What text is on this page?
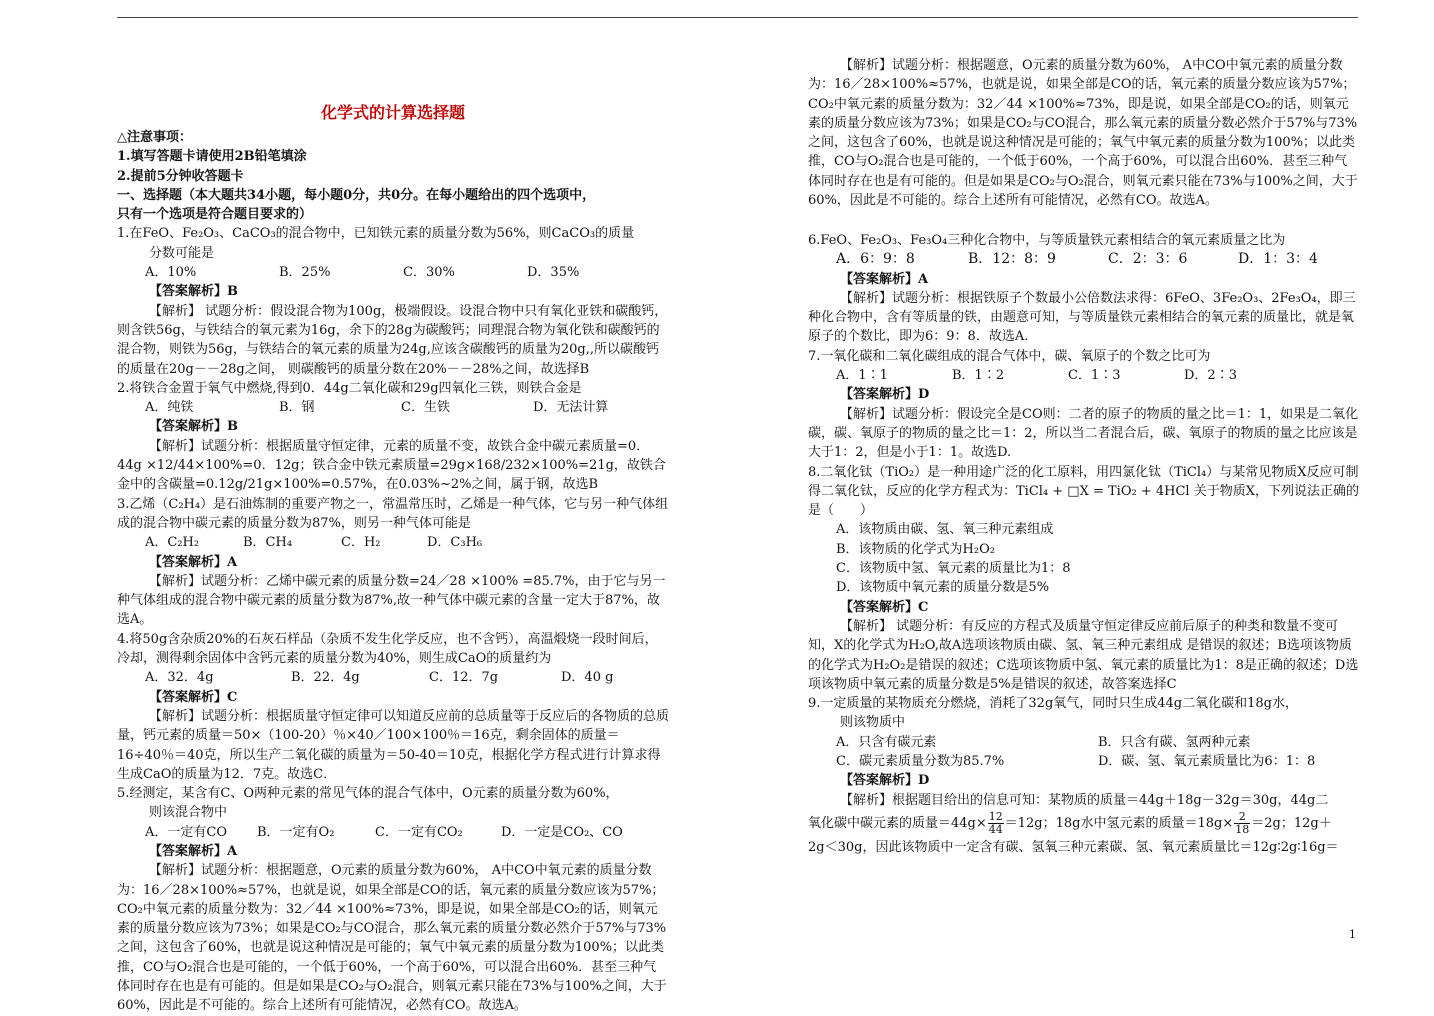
化学式的计算选择题

△注意事项：

1.填写答题卡请使用2B铅笔填涂

2.提前5分钟收答题卡

一、选择题（本大题共34小题，每小题0分，共0分。在每小题给出的四个选项中，

只有一个选项是符合题目要求的）

1.在FeO、Fe₂O₃、CaCO₃的混合物中，已知铁元素的质量分数为56%，则CaCO₃的质量

分数可能是

A．10%	B．25%	C．30%	D．35%

【答案解析】B

【解析】 试题分析：假设混合物为100g，极端假设。设混合物中只有氧化亚铁和碳酸钙，则含铁56g，与铁结合的氧元素为16g，余下的28g为碳酸钙；同理混合物为氧化铁和碳酸钙的混合物，则铁为56g，与铁结合的氧元素的质量为24g,应该含碳酸钙的质量为20g,,所以碳酸钙的质量在20g－－28g之间， 则碳酸钙的质量分数在20%－－28%之间，故选择B

2.将铁合金置于氧气中燃烧,得到0．44g二氧化碳和29g四氧化三铁，则铁合金是

A．纯铁	B．钢	C．生铁	D．无法计算

【答案解析】B

【解析】试题分析：根据质量守恒定律，元素的质量不变，故铁合金中碳元素质量=0．44g ×12/44×100%=0．12g；铁合金中铁元素质量=29g×168/232×100%=21g，故铁合金中的含碳量=0.12g/21g×100%=0.57%，在0.03%~2%之间，属于钢，故选B

3.乙烯（C₂H₄）是石油炼制的重要产物之一，常温常压时，乙烯是一种气体，它与另一种气体组成的混合物中碳元素的质量分数为87%，则另一种气体可能是

A．C₂H₂	B．CH₄	C．H₂	D．C₃H₆

【答案解析】A

【解析】试题分析：乙烯中碳元素的质量分数=24／28 ×100% =85.7%，由于它与另一种气体组成的混合物中碳元素的质量分数为87%,故一种气体中碳元素的含量一定大于87%，故选A。

4.将50g含杂质20%的石灰石样品（杂质不发生化学反应，也不含钙），高温煅烧一段时间后，冷却，测得剩余固体中含钙元素的质量分数为40%，则生成CaO的质量约为

A．32．4g	B．22．4g	C．12．7g	D．40 g

【答案解析】C

【解析】试题分析：根据质量守恒定律可以知道反应前的总质量等于反应后的各物质的总质量，钙元素的质量＝50×（100-20）％×40／100×100％＝16克，剩余固体的质量＝16÷40％＝40克，所以生产二氧化碳的质量为＝50-40＝10克，根据化学方程式进行计算求得生成CaO的质量为12．7克。故选C．

5.经测定，某含有C、O两种元素的常见气体的混合气体中，O元素的质量分数为60%，

则该混合物中

A．一定有CO B．一定有O₂	C．一定有CO₂	D．一定是CO₂、CO

【答案解析】A

【解析】试题分析：根据题意，O元素的质量分数为60%， A中CO中氧元素的质量分数为：16／28×100%≈57%，也就是说，如果全部是CO的话，氧元素的质量分数应该为57%；CO₂中氧元素的质量分数为：32／44 ×100%≈73%，即是说，如果全部是CO₂的话，则氧元素的质量分数应该为73%；如果是CO₂与CO混合，那么氧元素的质量分数必然介于57%与73%之间，这包含了60%，也就是说这种情况是可能的；氧气中氧元素的质量分数为100%；以此类推，CO与O₂混合也是可能的，一个低于60%，一个高于60%，可以混合出60%．甚至三种气体同时存在也是有可能的。但是如果是CO₂与O₂混合，则氧元素只能在73%与100%之间，大于60%，因此是不可能的。综合上述所有可能情况，必然有CO。故选A。

【解析】试题分析：根据题意，O元素的质量分数为60%， A中CO中氧元素的质量分数为：16／28×100%≈57%，也就是说，如果全部是CO的话，氧元素的质量分数应该为57%；CO₂中氧元素的质量分数为：32／44 ×100%≈73%，即是说，如果全部是CO₂的话，则氧元素的质量分数应该为73%；如果是CO₂与CO混合，那么氧元素的质量分数必然介于57%与73%之间，这包含了60%，也就是说这种情况是可能的；氧气中氧元素的质量分数为100%；以此类推，CO与O₂混合也是可能的，一个低于60%，一个高于60%，可以混合出60%．甚至三种气体同时存在也是有可能的。但是如果是CO₂与O₂混合，则氧元素只能在73%与100%之间，大于60%，因此是不可能的。综合上述所有可能情况，必然有CO。故选A。

6.FeO、Fe₂O₃、Fe₃O₄三种化合物中，与等质量铁元素相结合的氧元素质量之比为

A．6：9：8	B．12：8：9	C．2：3：6	D．1：3：4

【答案解析】A

【解析】试题分析：根据铁原子个数最小公倍数法求得：6FeO、3Fe₂O₃、2Fe₃O₄，即三种化合物中，含有等质量的铁，由题意可知，与等质量铁元素相结合的氧元素的质量比，就是氧原子的个数比，即为6：9：8．故选A.

7.一氧化碳和二氧化碳组成的混合气体中，碳、氧原子的个数之比可为

A．1∶1	B．1∶2	C．1∶3	D．2∶3

【答案解析】D

【解析】试题分析：假设完全是CO则：二者的原子的物质的量之比＝1：1，如果是二氧化碳，碳、氧原子的物质的量之比＝1：2，所以当二者混合后，碳、氧原子的物质的量之比应该是大于1：2，但是小于1：1。故选D.

8.二氧化钛（TiO₂）是一种用途广泛的化工原料，用四氯化钛（TiCl₄）与某常见物质X反应可制得二氧化钛，反应的化学方程式为：TiCl₄ + □X = TiO₂ + 4HCl 关于物质X，下列说法正确的是（　　）

A．该物质由碳、氢、氧三种元素组成

B．该物质的化学式为H₂O₂

C．该物质中氢、氧元素的质量比为1：8

D．该物质中氧元素的质量分数是5%

【答案解析】C

【解析】 试题分析：有反应的方程式及质量守恒定律反应前后原子的种类和数量不变可知，X的化学式为H₂O,故A选项该物质由碳、氢、氧三种元素组成 是错误的叙述；B选项该物质的化学式为H₂O₂是错误的叙述；C选项该物质中氢、氧元素的质量比为1：8是正确的叙述；D选项该物质中氧元素的质量分数是5%是错误的叙述，故答案选择C

9.一定质量的某物质充分燃烧，消耗了32g氧气，同时只生成44g二氧化碳和18g水，

则该物质中

A．只含有碳元素	B．只含有碳、氢两种元素
C．碳元素质量分数为85.7%	D．碳、氢、氧元素质量比为6：1：8

【答案解析】D

【解析】根据题目给出的信息可知：某物质的质量＝44g＋18g－32g＝30g，44g二

氧化碳中碳元素的质量$=44g\times \frac{12}{44} =12g$；18g水中氢元素的质量$=18g\times \frac{2}{18} =2g$；12g＋

2g＜30g，因此该物质中一定含有碳、氢氧三种元素碳、氢、氧元素质量比＝12g∶2g∶16g＝

1
